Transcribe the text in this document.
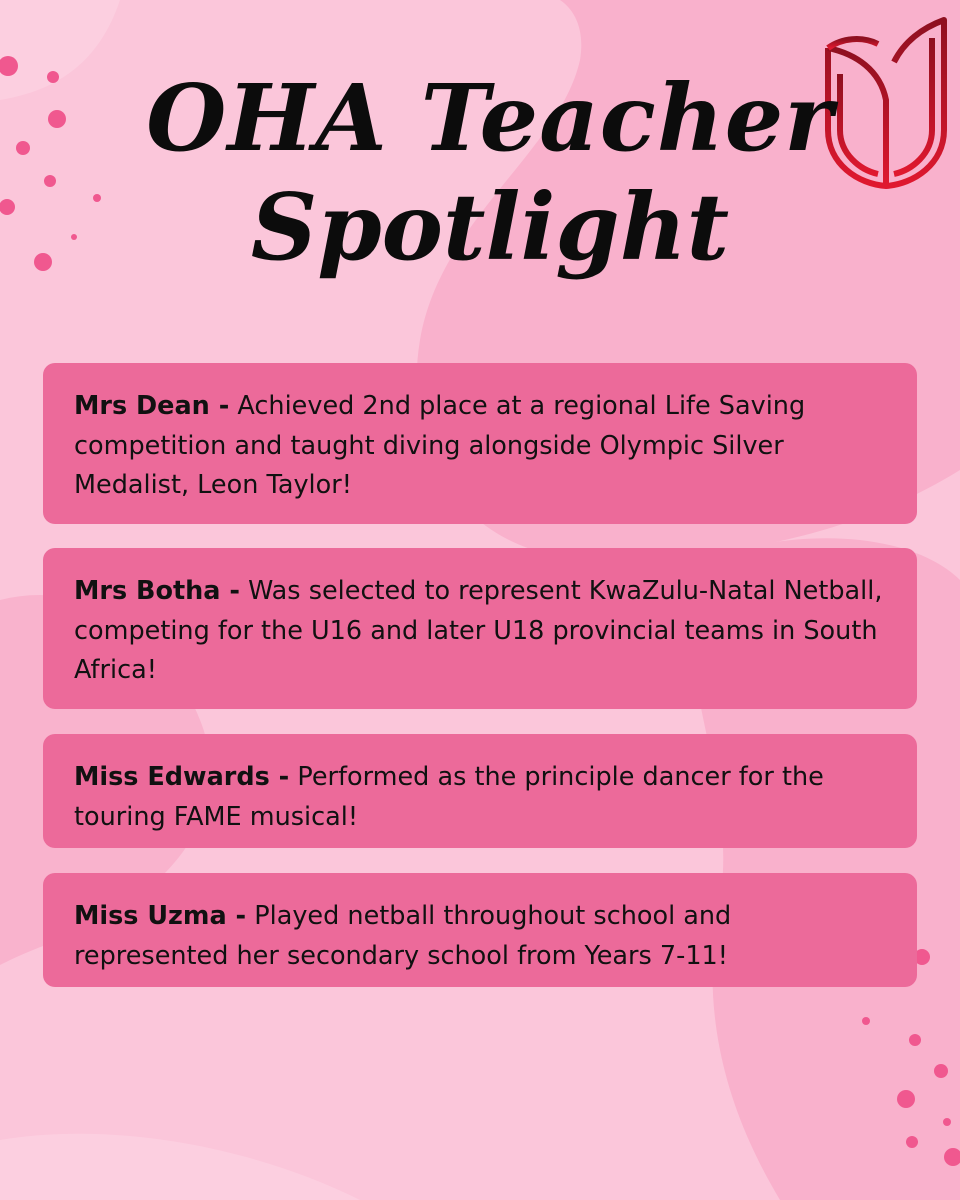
OHA Teacher
Spotlight

Mrs Dean - Achieved 2nd place at a regional Life Saving competition and taught diving alongside Olympic Silver Medalist, Leon Taylor!

Mrs Botha - Was selected to represent KwaZulu-Natal Netball, competing for the U16 and later U18 provincial teams in South Africa!

Miss Edwards - Performed as the principle dancer for the touring FAME musical!

Miss Uzma - Played netball throughout school and represented her secondary school from Years 7-11!
